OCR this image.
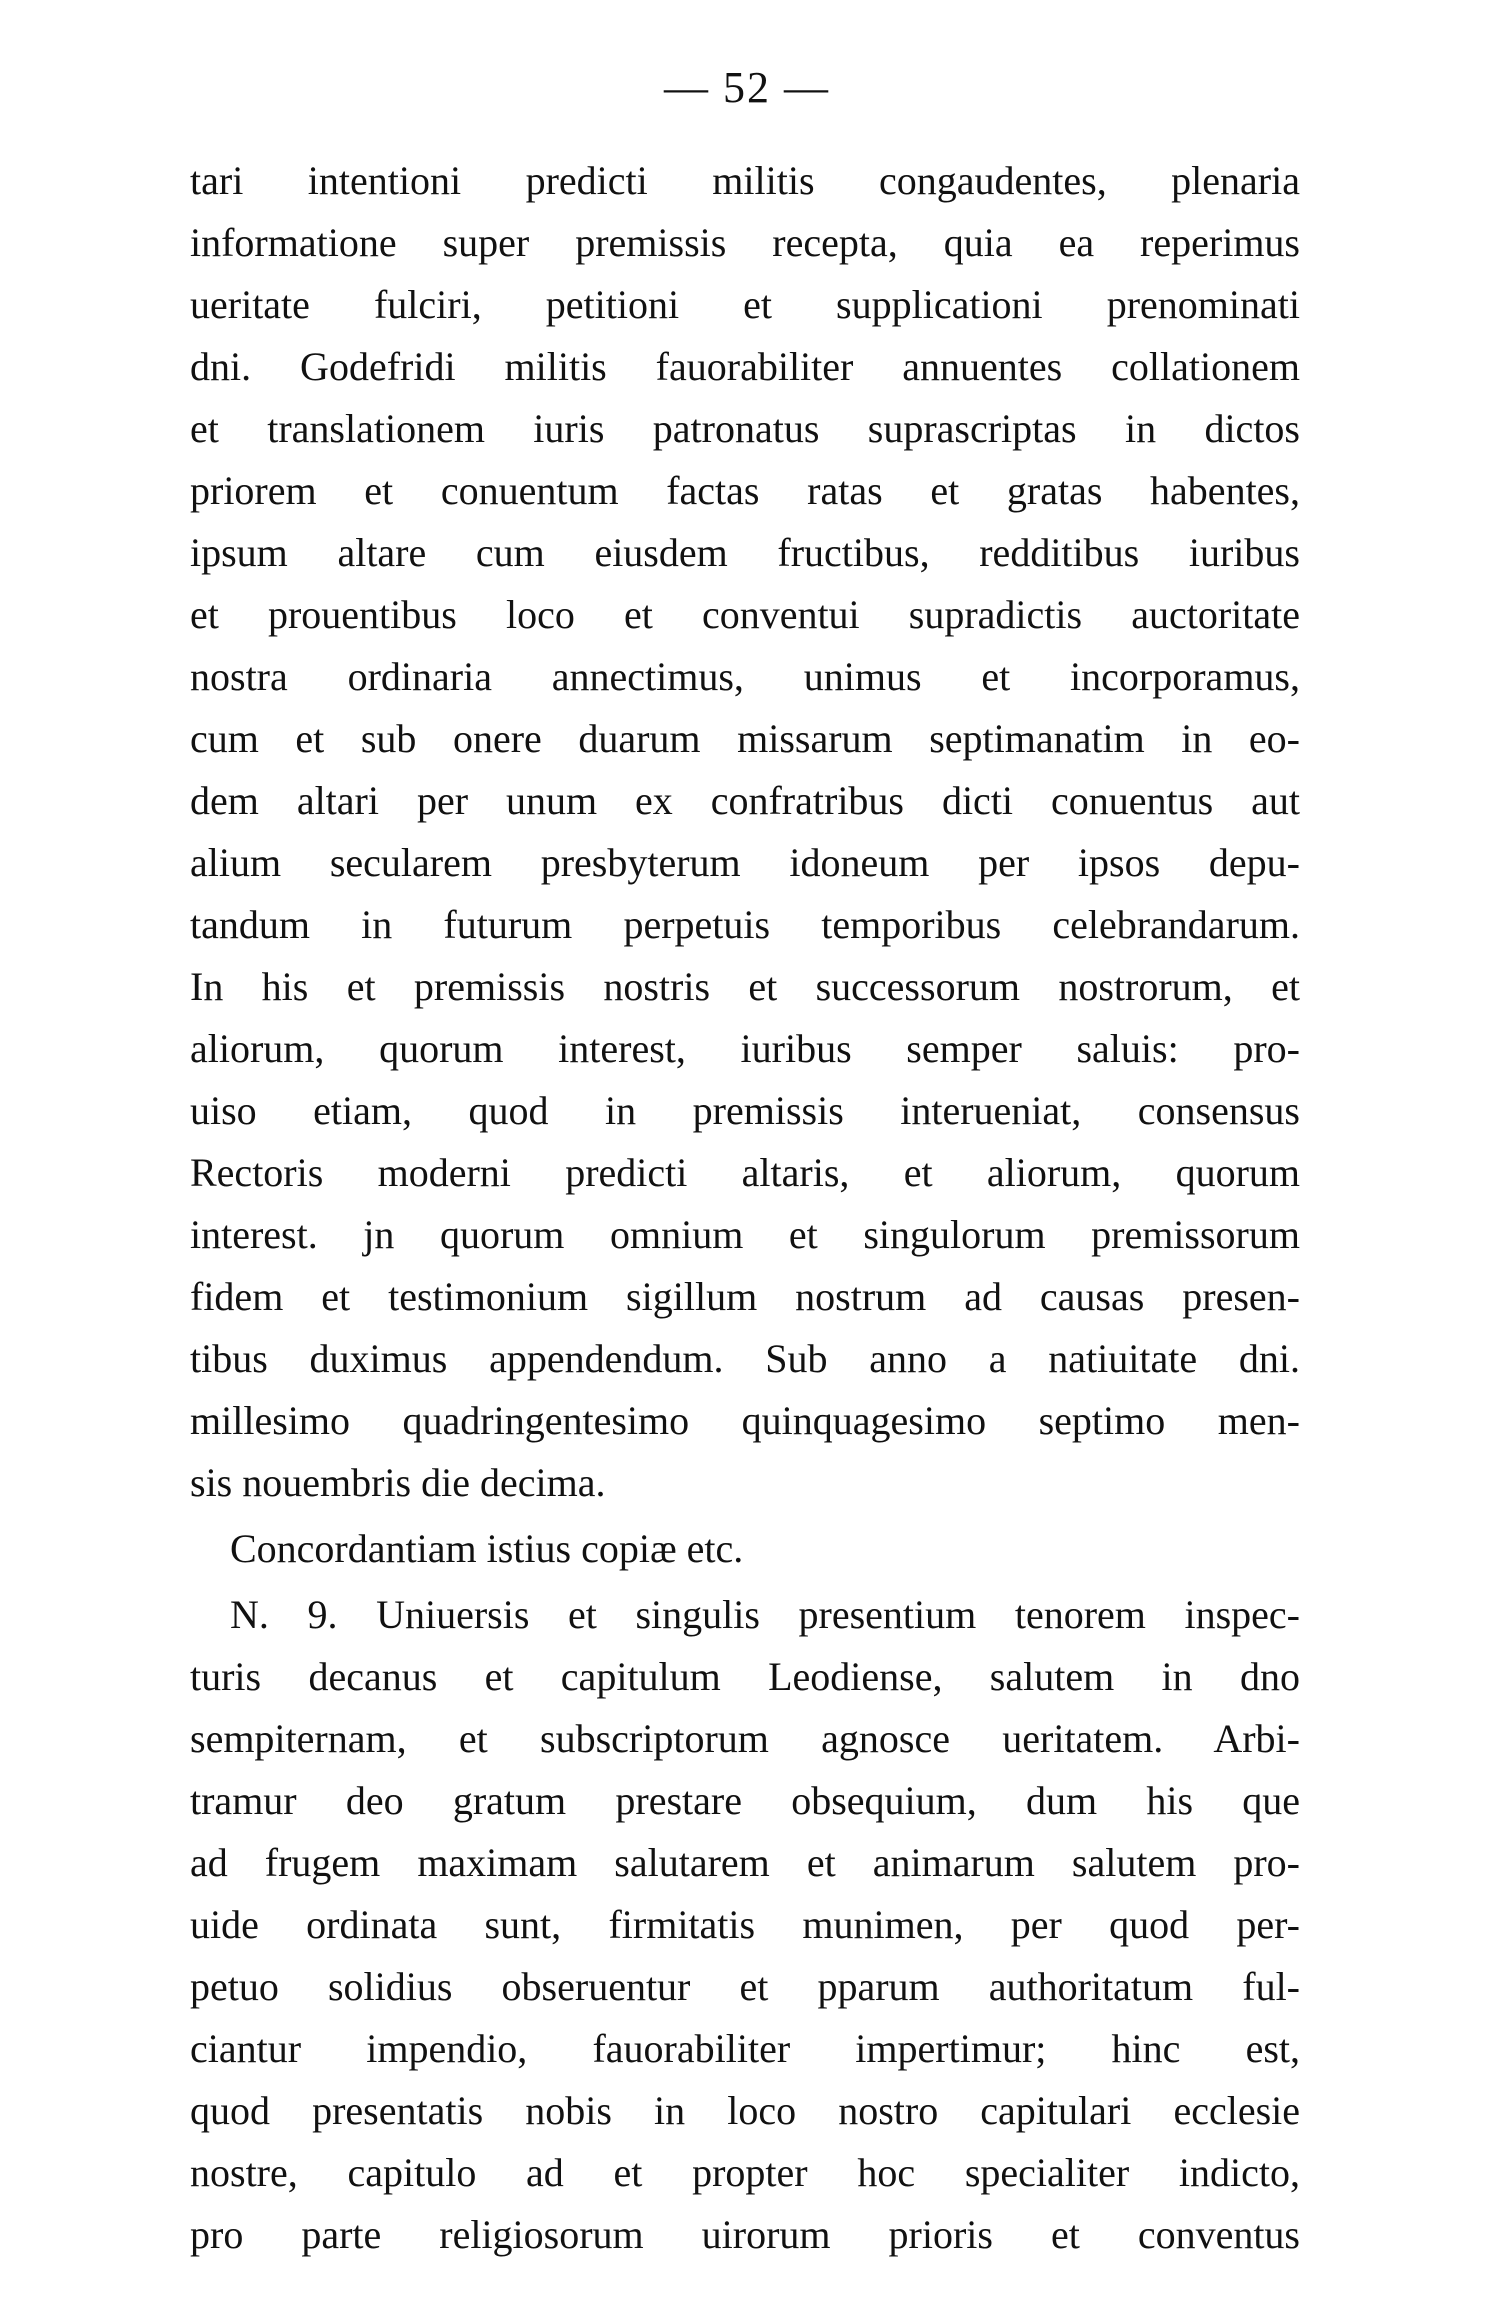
— 52 —
tari intentioni predicti militis congaudentes, plenaria
informatione super premissis recepta, quia ea reperimus
ueritate fulciri, petitioni et supplicationi prenominati
dni. Godefridi militis fauorabiliter annuentes collationem
et translationem iuris patronatus suprascriptas in dictos
priorem et conuentum factas ratas et gratas habentes,
ipsum altare cum eiusdem fructibus, redditibus iuribus
et prouentibus loco et conventui supradictis auctoritate
nostra ordinaria annectimus, unimus et incorporamus,
cum et sub onere duarum missarum septimanatim in eo-
dem altari per unum ex confratribus dicti conuentus aut
alium secularem presbyterum idoneum per ipsos depu-
tandum in futurum perpetuis temporibus celebrandarum.
In his et premissis nostris et successorum nostrorum, et
aliorum, quorum interest, iuribus semper saluis: pro-
uiso etiam, quod in premissis interueniat, consensus
Rectoris moderni predicti altaris, et aliorum, quorum
interest. jn quorum omnium et singulorum premissorum
fidem et testimonium sigillum nostrum ad causas presen-
tibus duximus appendendum. Sub anno a natiuitate dni.
millesimo quadringentesimo quinquagesimo septimo men-
sis nouembris die decima.
Concordantiam istius copiæ etc.
N. 9. Uniuersis et singulis presentium tenorem inspec-
turis decanus et capitulum Leodiense, salutem in dno
sempiternam, et subscriptorum agnosce ueritatem. Arbi-
tramur deo gratum prestare obsequium, dum his que
ad frugem maximam salutarem et animarum salutem pro-
uide ordinata sunt, firmitatis munimen, per quod per-
petuo solidius obseruentur et pparum authoritatum ful-
ciantur impendio, fauorabiliter impertimur; hinc est,
quod presentatis nobis in loco nostro capitulari ecclesie
nostre, capitulo ad et propter hoc specialiter indicto,
pro parte religiosorum uirorum prioris et conventus
